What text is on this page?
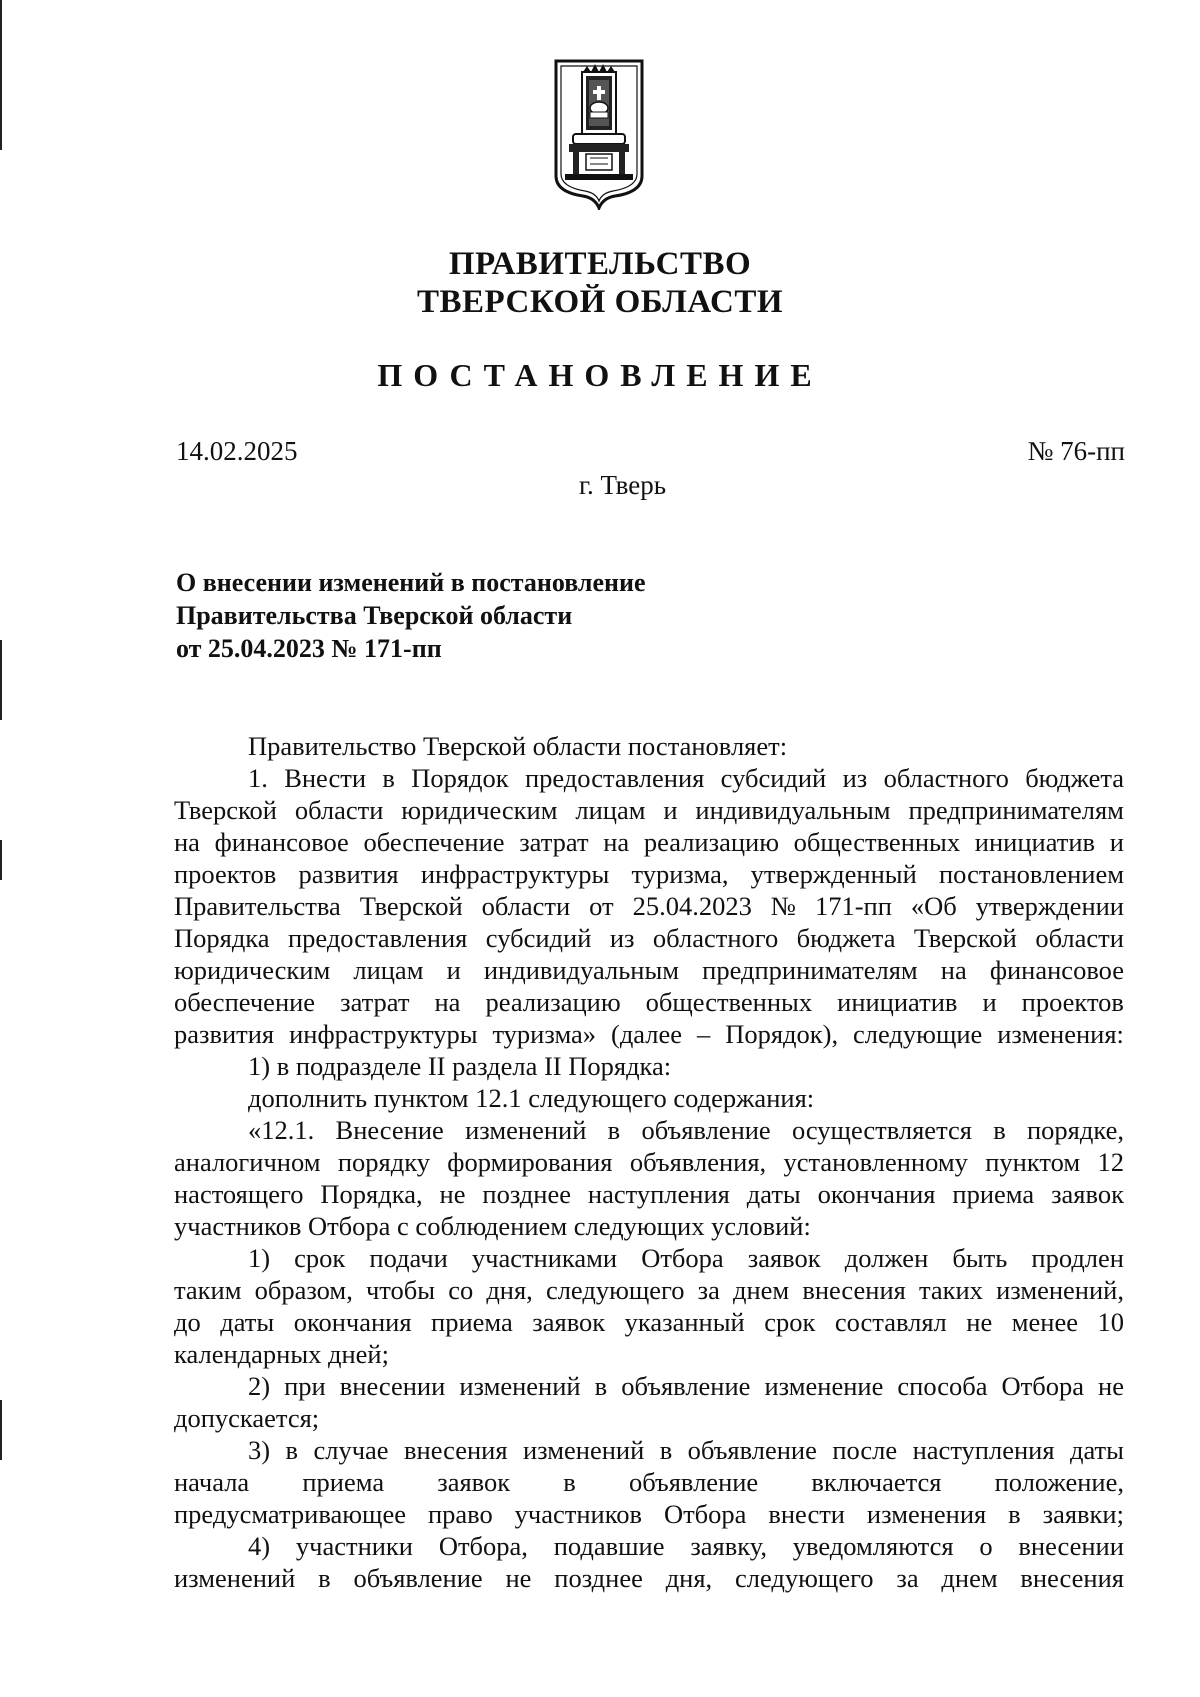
ПРАВИТЕЛЬСТВО
ТВЕРСКОЙ ОБЛАСТИ
ПОСТАНОВЛЕНИЕ
14.02.2025	№ 76-пп
г. Тверь
О внесении изменений в постановление
Правительства Тверской области
от 25.04.2023 № 171-пп
Правительство Тверской области постановляет:
1. Внести в Порядок предоставления субсидий из областного бюджета
Тверской области юридическим лицам и индивидуальным предпринимателям
на финансовое обеспечение затрат на реализацию общественных инициатив и
проектов развития инфраструктуры туризма, утвержденный постановлением
Правительства Тверской области от 25.04.2023 № 171-пп «Об утверждении
Порядка предоставления субсидий из областного бюджета Тверской области
юридическим лицам и индивидуальным предпринимателям на финансовое
обеспечение затрат на реализацию общественных инициатив и проектов
развития инфраструктуры туризма» (далее – Порядок), следующие изменения:
1) в подразделе II раздела II Порядка:
дополнить пунктом 12.1 следующего содержания:
«12.1. Внесение изменений в объявление осуществляется в порядке,
аналогичном порядку формирования объявления, установленному пунктом 12
настоящего Порядка, не позднее наступления даты окончания приема заявок
участников Отбора с соблюдением следующих условий:
1) срок подачи участниками Отбора заявок должен быть продлен
таким образом, чтобы со дня, следующего за днем внесения таких изменений,
до даты окончания приема заявок указанный срок составлял не менее 10
календарных дней;
2) при внесении изменений в объявление изменение способа Отбора не
допускается;
3) в случае внесения изменений в объявление после наступления даты
начала приема заявок в объявление включается положение,
предусматривающее право участников Отбора внести изменения в заявки;
4) участники Отбора, подавшие заявку, уведомляются о внесении
изменений в объявление не позднее дня, следующего за днем внесения
